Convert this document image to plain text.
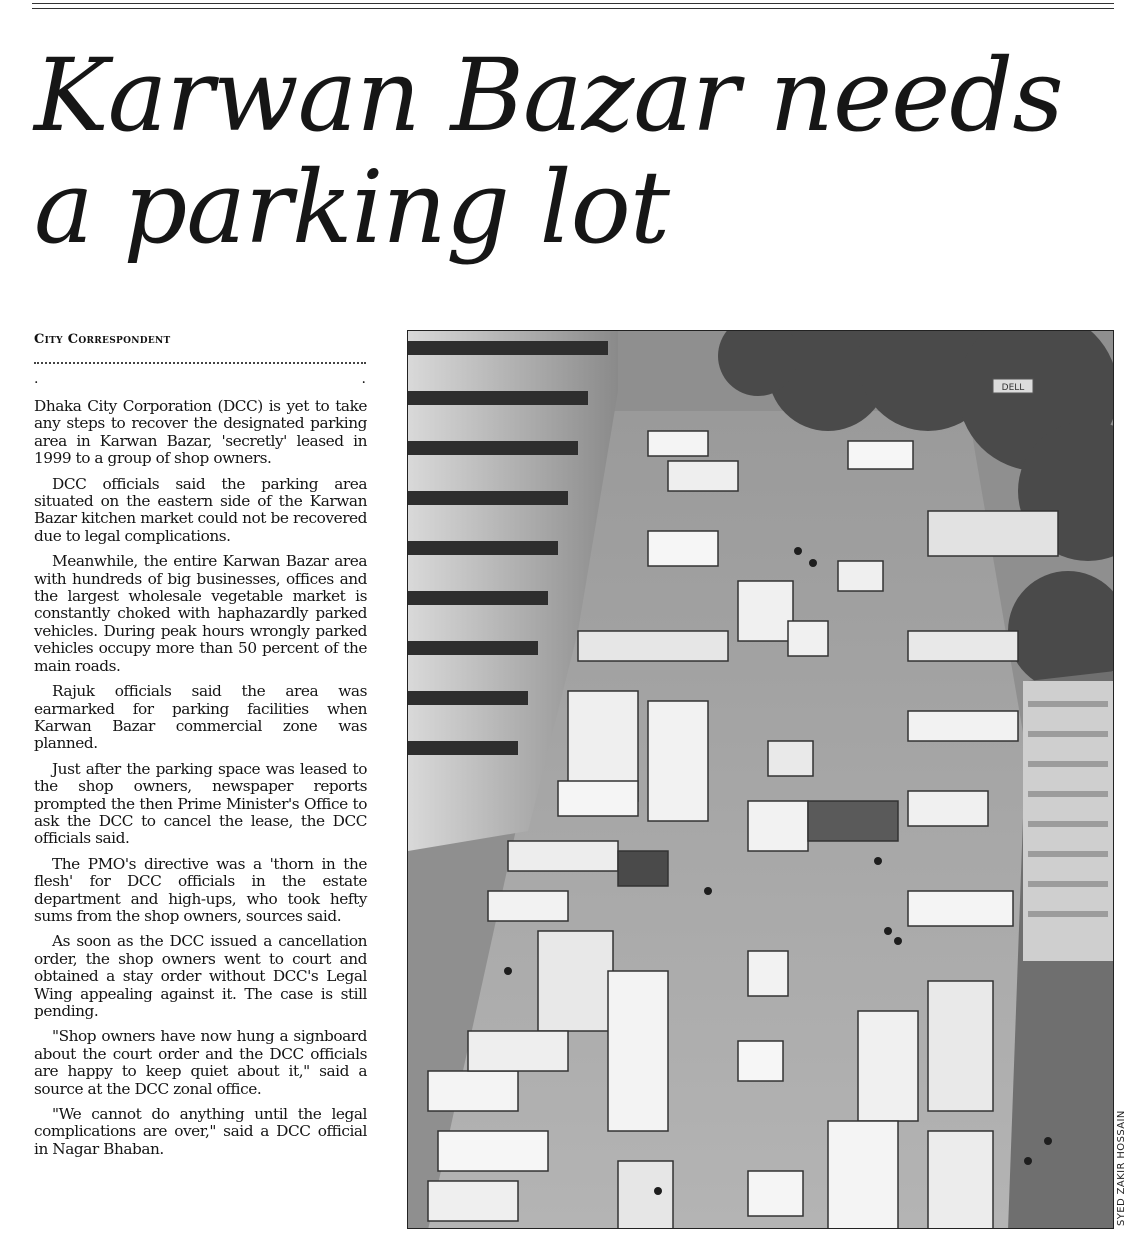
Karwan Bazar needs
a parking lot
City Correspondent
.	.

Dhaka City Corporation (DCC) is yet to take any steps to recover the designated parking area in Karwan Bazar, 'secretly' leased in 1999 to a group of shop owners.

DCC officials said the parking area situated on the eastern side of the Karwan Bazar kitchen market could not be recovered due to legal complications.

Meanwhile, the entire Karwan Bazar area with hundreds of big businesses, offices and the largest wholesale vegetable market is constantly choked with haphazardly parked vehicles. During peak hours wrongly parked vehicles occupy more than 50 percent of the main roads.

Rajuk officials said the area was earmarked for parking facilities when Karwan Bazar commercial zone was planned.

Just after the parking space was leased to the shop owners, newspaper reports prompted the then Prime Minister's Office to ask the DCC to cancel the lease, the DCC officials said.

The PMO's directive was a 'thorn in the flesh' for DCC officials in the estate department and high-ups, who took hefty sums from the shop owners, sources said.

As soon as the DCC issued a cancellation order, the shop owners went to court and obtained a stay order without DCC's Legal Wing appealing against it. The case is still pending.

"Shop owners have now hung a signboard about the court order and the DCC officials are happy to keep quiet about it," said a source at the DCC zonal office.

"We cannot do anything until the legal complications are over," said a DCC official in Nagar Bhaban.

DELL
SYED ZAKIR HOSSAIN
